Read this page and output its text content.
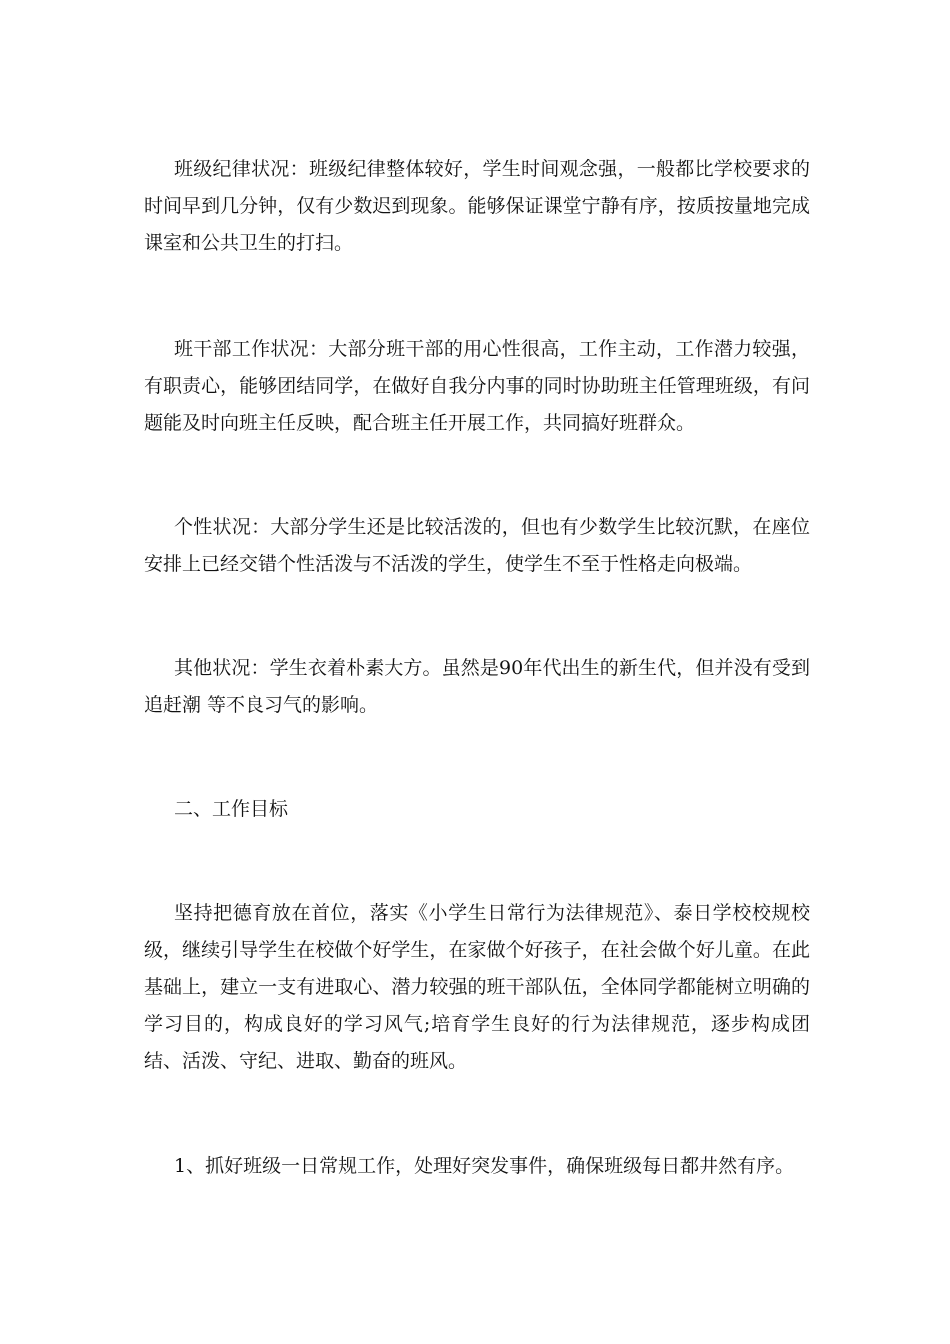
班级纪律状况：班级纪律整体较好，学生时间观念强，一般都比学校要求的时间早到几分钟，仅有少数迟到现象。能够保证课堂宁静有序，按质按量地完成课室和公共卫生的打扫。

班干部工作状况：大部分班干部的用心性很高，工作主动，工作潜力较强，有职责心，能够团结同学，在做好自我分内事的同时协助班主任管理班级，有问题能及时向班主任反映，配合班主任开展工作，共同搞好班群众。

个性状况：大部分学生还是比较活泼的，但也有少数学生比较沉默，在座位安排上已经交错个性活泼与不活泼的学生，使学生不至于性格走向极端。

其他状况：学生衣着朴素大方。虽然是90年代出生的新生代，但并没有受到 追赶潮 等不良习气的影响。

二、工作目标

坚持把德育放在首位，落实《小学生日常行为法律规范》、泰日学校校规校级，继续引导学生在校做个好学生，在家做个好孩子，在社会做个好儿童。在此基础上，建立一支有进取心、潜力较强的班干部队伍，全体同学都能树立明确的学习目的，构成良好的学习风气;培育学生良好的行为法律规范，逐步构成团结、活泼、守纪、进取、勤奋的班风。

1、抓好班级一日常规工作，处理好突发事件，确保班级每日都井然有序。
